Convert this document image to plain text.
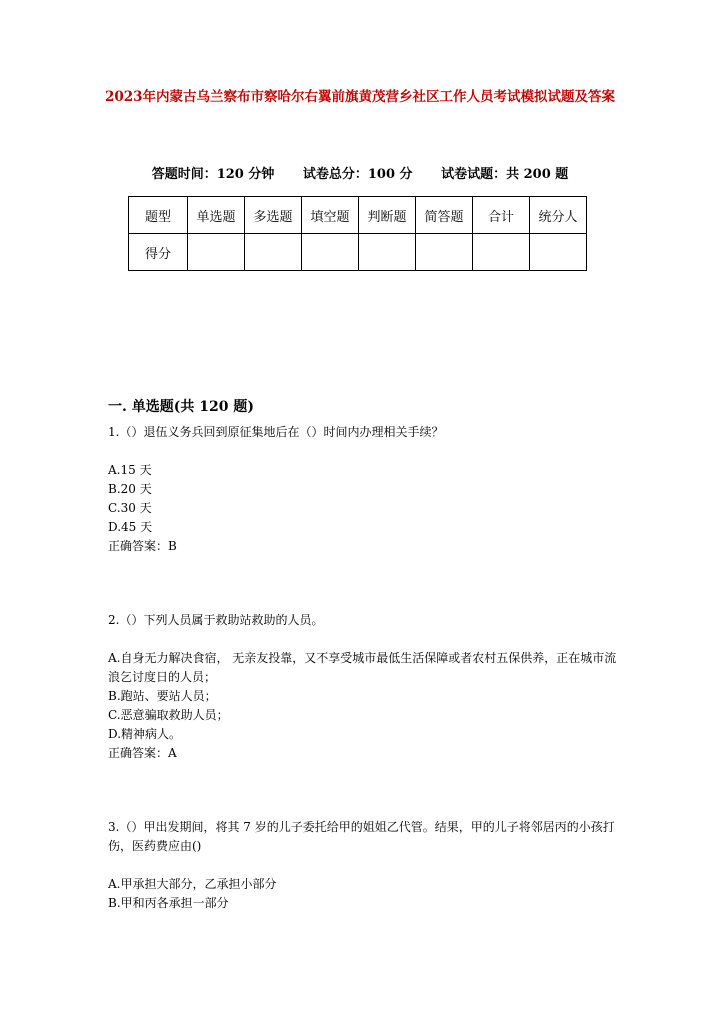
2023年内蒙古乌兰察布市察哈尔右翼前旗黄茂营乡社区工作人员考试模拟试题及答案
答题时间：120 分钟 试卷总分：100 分 试卷试题：共 200 题
题型	单选题	多选题	填空题	判断题	简答题	合计	统分人
得分							
一. 单选题(共 120 题)
1.（）退伍义务兵回到原征集地后在（）时间内办理相关手续？
A.15 天
B.20 天
C.30 天
D.45 天
正确答案：B
2.（）下列人员属于救助站救助的人员。
A.自身无力解决食宿， 无亲友投靠，又不享受城市最低生活保障或者农村五保供养，正在城市流浪乞讨度日的人员；
B.跑站、要站人员；
C.恶意骗取救助人员；
D.精神病人。
正确答案：A
3.（）甲出发期间，将其 7 岁的儿子委托给甲的姐姐乙代管。结果，甲的儿子将邻居丙的小孩打伤，医药费应由()
A.甲承担大部分，乙承担小部分
B.甲和丙各承担一部分
